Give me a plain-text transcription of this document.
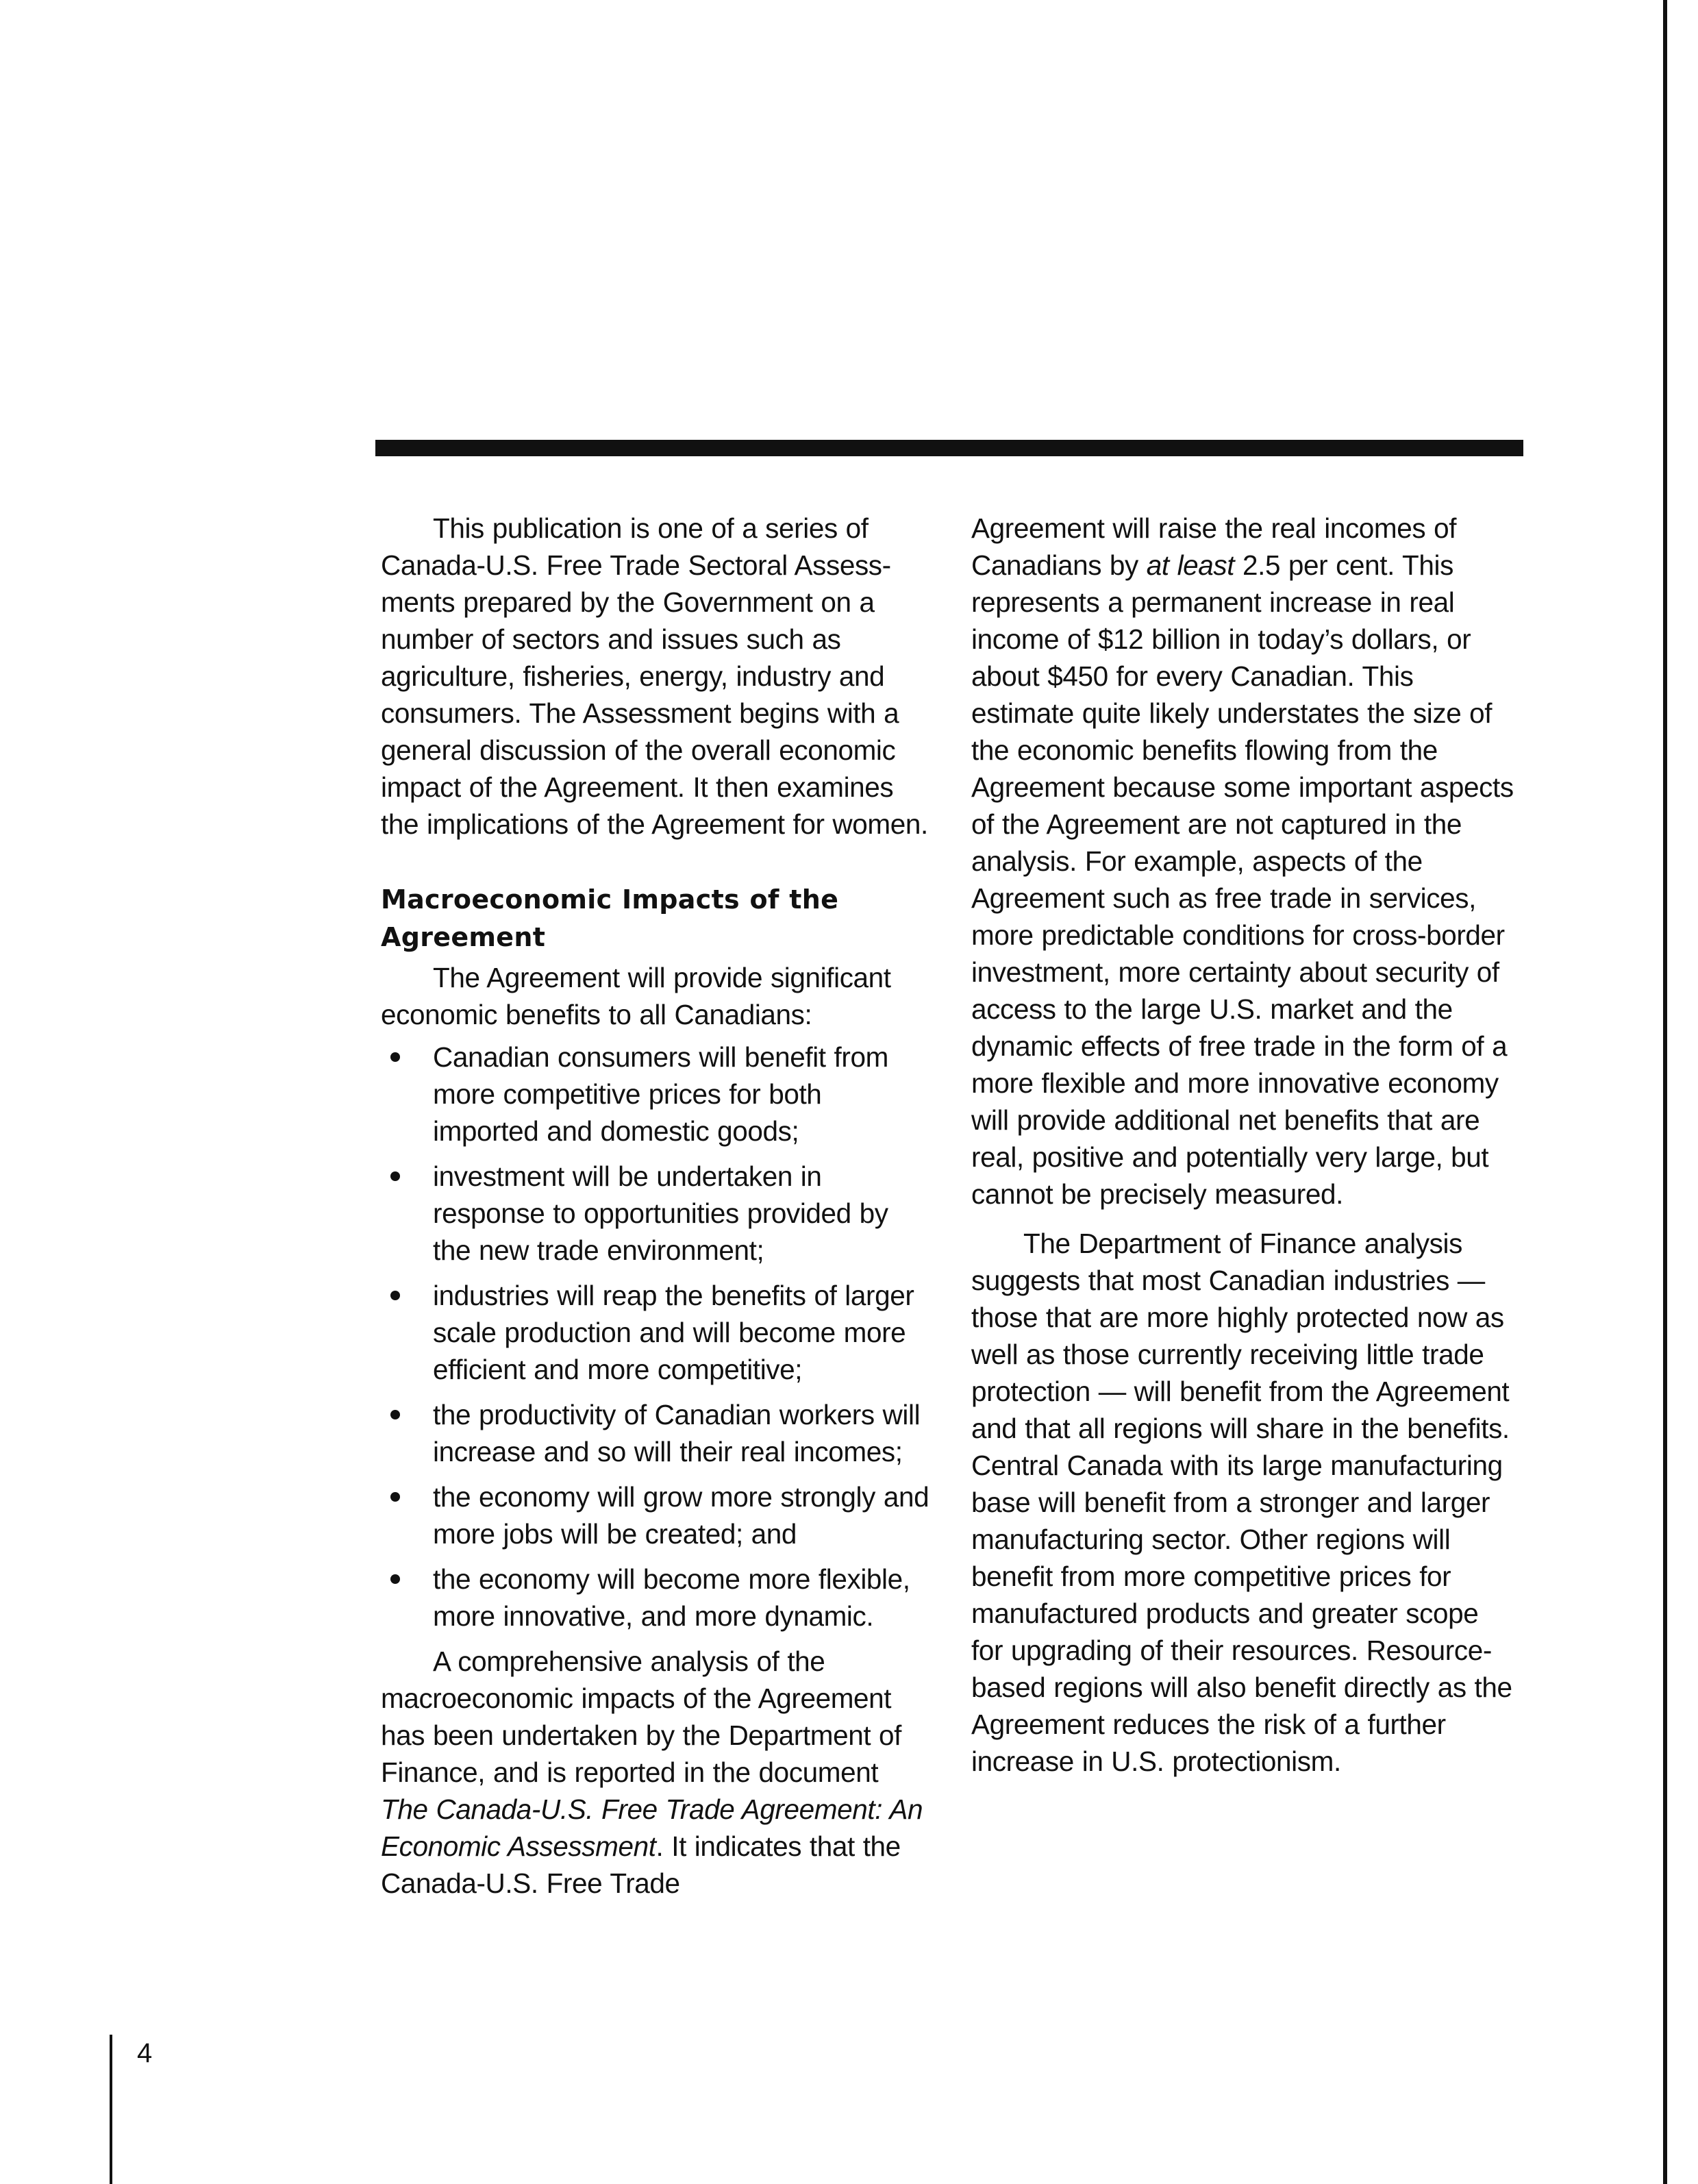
This publication is one of a series of Canada-U.S. Free Trade Sectoral Assessments prepared by the Government on a number of sectors and issues such as agriculture, fisheries, energy, industry and consumers. The Assessment begins with a general discussion of the overall economic impact of the Agreement. It then examines the implications of the Agreement for women.

Macroeconomic Impacts of the Agreement

The Agreement will provide significant economic benefits to all Canadians:

Canadian consumers will benefit from more competitive prices for both imported and domestic goods;
investment will be undertaken in response to opportunities provided by the new trade environment;
industries will reap the benefits of larger scale production and will become more efficient and more competitive;
the productivity of Canadian workers will increase and so will their real incomes;
the economy will grow more strongly and more jobs will be created; and
the economy will become more flexible, more innovative, and more dynamic.

A comprehensive analysis of the macroeconomic impacts of the Agreement has been undertaken by the Department of Finance, and is reported in the document The Canada-U.S. Free Trade Agreement: An Economic Assessment. It indicates that the Canada-U.S. Free Trade

Agreement will raise the real incomes of Canadians by at least 2.5 per cent. This represents a permanent increase in real income of $12 billion in today’s dollars, or about $450 for every Canadian. This estimate quite likely understates the size of the economic benefits flowing from the Agreement because some important aspects of the Agreement are not captured in the analysis. For example, aspects of the Agreement such as free trade in services, more predictable conditions for cross-border investment, more certainty about security of access to the large U.S. market and the dynamic effects of free trade in the form of a more flexible and more innovative economy will provide additional net benefits that are real, positive and potentially very large, but cannot be precisely measured.

The Department of Finance analysis suggests that most Canadian industries — those that are more highly protected now as well as those currently receiving little trade protection — will benefit from the Agreement and that all regions will share in the benefits. Central Canada with its large manufacturing base will benefit from a stronger and larger manufacturing sector. Other regions will benefit from more competitive prices for manufactured products and greater scope for upgrading of their resources. Resource-based regions will also benefit directly as the Agreement reduces the risk of a further increase in U.S. protectionism.

4
